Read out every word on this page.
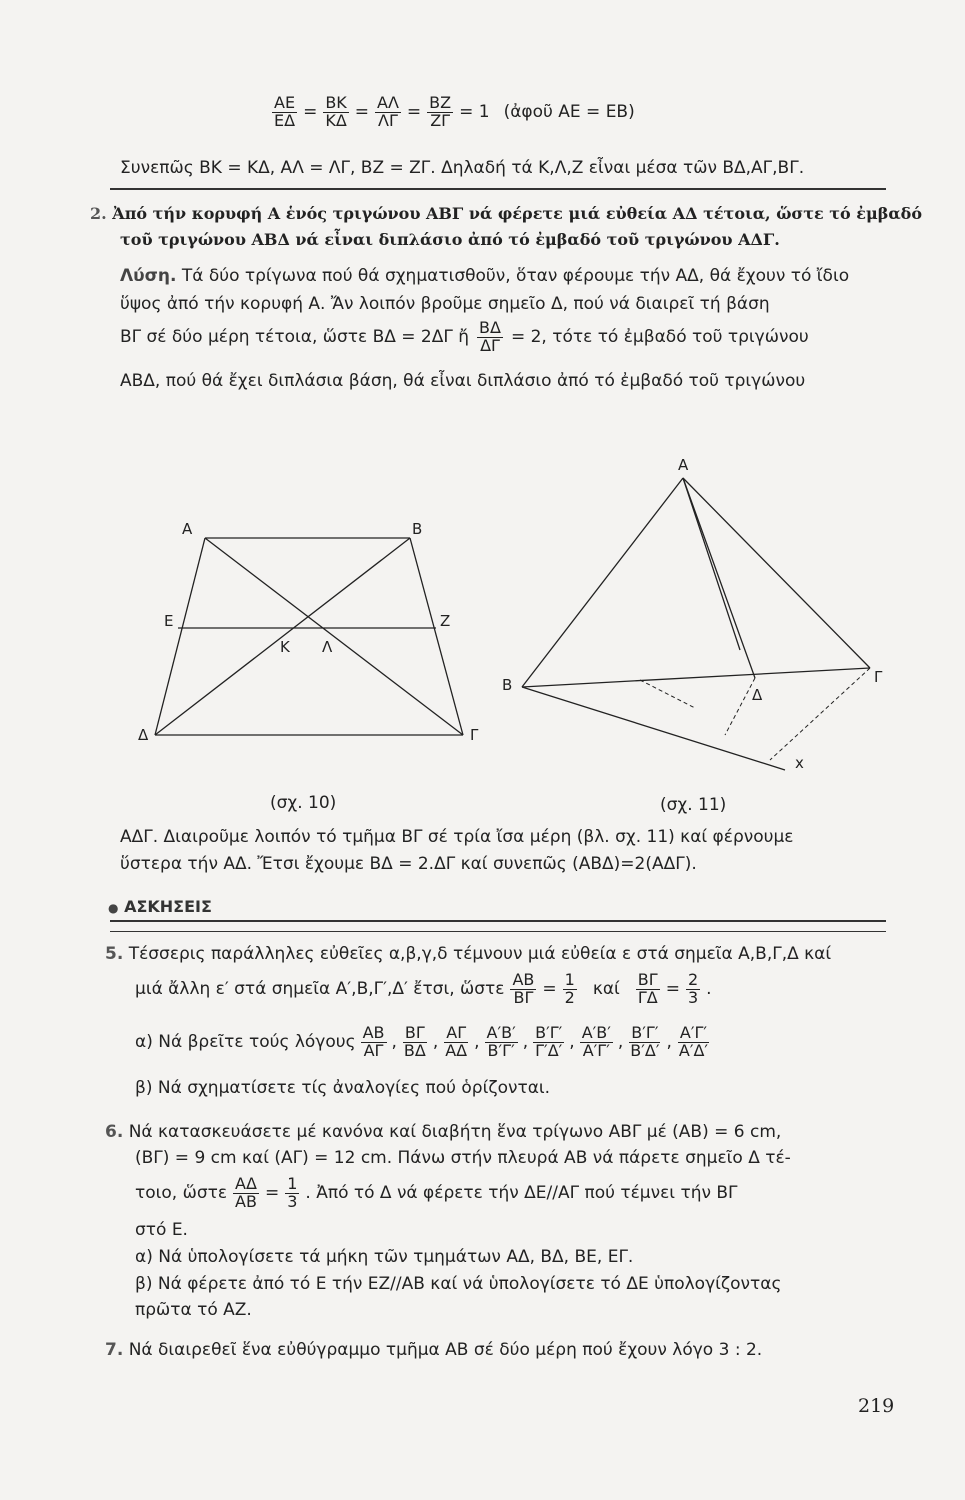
$\frac{AE}{E\Delta} = \frac{BK}{K\Delta} = \frac{A\Lambda}{\Lambda\Gamma} = \frac{BZ}{Z\Gamma} = 1$ (ἀφοῦ ΑΕ = ΕΒ)
Συνεπῶς ΒΚ = ΚΔ, ΑΛ = ΛΓ, ΒΖ = ΖΓ. Δηλαδή τά Κ,Λ,Ζ εἶναι μέσα τῶν ΒΔ,ΑΓ,ΒΓ.
2. Ἀπό τήν κορυφή Α ἑνός τριγώνου ΑΒΓ νά φέρετε μιά εὐθεία ΑΔ τέτοια, ὥστε τό ἐμβαδό
τοῦ τριγώνου ΑΒΔ νά εἶναι διπλάσιο ἀπό τό ἐμβαδό τοῦ τριγώνου ΑΔΓ.
Λύση. Τά δύο τρίγωνα πού θά σχηματισθοῦν, ὅταν φέρουμε τήν ΑΔ, θά ἔχουν τό ἴδιο
ὕψος ἀπό τήν κορυφή Α. Ἄν λοιπόν βροῦμε σημεῖο Δ, πού νά διαιρεῖ τή βάση
ΒΓ σέ δύο μέρη τέτοια, ὥστε ΒΔ = 2ΔΓ ἤ $\frac{B\Delta}{\Delta\Gamma} = 2$, τότε τό ἐμβαδό τοῦ τριγώνου
ΑΒΔ, πού θά ἔχει διπλάσια βάση, θά εἶναι διπλάσιο ἀπό τό ἐμβαδό τοῦ τριγώνου
Α	Β
Ε	Ζ
Κ Λ
Δ	Γ
Α
Β	Γ
Δ
x
(σχ. 10)	(σχ. 11)
ΑΔΓ. Διαιροῦμε λοιπόν τό τμῆμα ΒΓ σέ τρία ἴσα μέρη (βλ. σχ. 11) καί φέρνουμε
ὕστερα τήν ΑΔ. Ἔτσι ἔχουμε ΒΔ = 2.ΔΓ καί συνεπῶς (ΑΒΔ)=2(ΑΔΓ).
● ΑΣΚΗΣΕΙΣ
5. Τέσσερις παράλληλες εὐθεῖες α,β,γ,δ τέμνουν μιά εὐθεία ε στά σημεῖα Α,Β,Γ,Δ καί
μιά ἄλλη ε′ στά σημεῖα Α′,Β,Γ′,Δ′ ἔτσι, ὥστε $\frac{AB}{B\Gamma} = \frac{1}{2}$ καί $\frac{B\Gamma}{\Gamma\Delta} = \frac{2}{3}$ .
α) Νά βρεῖτε τούς λόγους $\frac{AB}{A\Gamma}$ , $\frac{B\Gamma}{B\Delta}$ , $\frac{A\Gamma}{A\Delta}$ , $\frac{A'B'}{B'\Gamma'}$ , $\frac{B'\Gamma'}{\Gamma'\Delta'}$ , $\frac{A'B'}{A'\Gamma'}$ , $\frac{B'\Gamma'}{B'\Delta'}$ , $\frac{A'\Gamma'}{A'\Delta'}$
β) Νά σχηματίσετε τίς ἀναλογίες πού ὁρίζονται.
6. Νά κατασκευάσετε μέ κανόνα καί διαβήτη ἕνα τρίγωνο ΑΒΓ μέ (ΑΒ) = 6 cm,
(ΒΓ) = 9 cm καί (ΑΓ) = 12 cm. Πάνω στήν πλευρά ΑΒ νά πάρετε σημεῖο Δ τέ-
τοιο, ὥστε $\frac{A\Delta}{AB} = \frac{1}{3}$ . Ἀπό τό Δ νά φέρετε τήν ΔΕ//ΑΓ πού τέμνει τήν ΒΓ
στό Ε.
α) Νά ὑπολογίσετε τά μήκη τῶν τμημάτων ΑΔ, ΒΔ, ΒΕ, ΕΓ.
β) Νά φέρετε ἀπό τό Ε τήν ΕΖ//ΑΒ καί νά ὑπολογίσετε τό ΔΕ ὑπολογίζοντας
πρῶτα τό ΑΖ.
7. Νά διαιρεθεῖ ἕνα εὐθύγραμμο τμῆμα ΑΒ σέ δύο μέρη πού ἔχουν λόγο 3 : 2.
219
